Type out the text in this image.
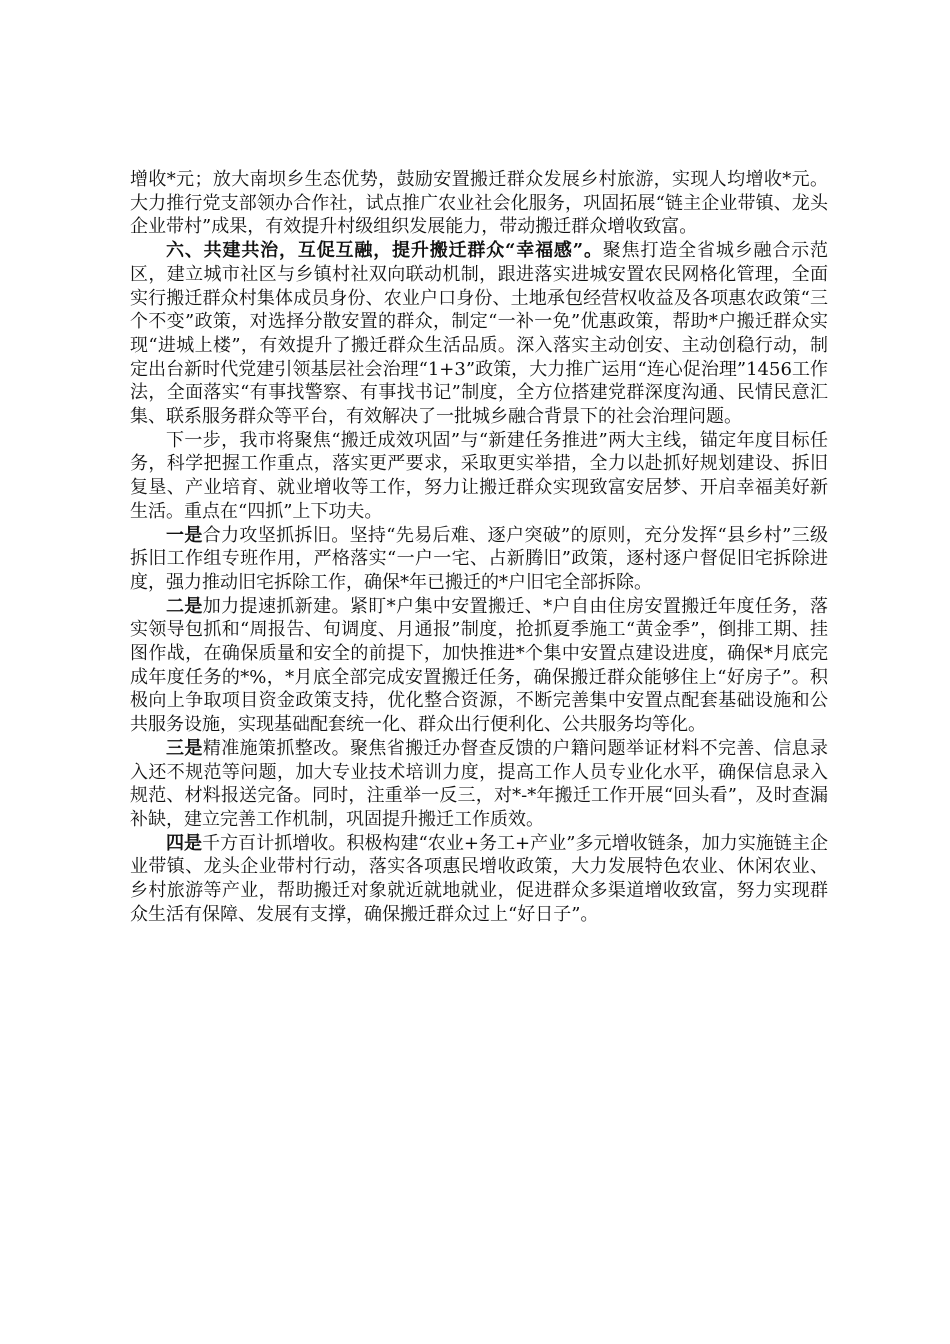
增收*元；放大南坝乡生态优势，鼓励安置搬迁群众发展乡村旅游，实现人均增收*元。大力推行党支部领办合作社，试点推广农业社会化服务，巩固拓展“链主企业带镇、龙头企业带村”成果，有效提升村级组织发展能力，带动搬迁群众增收致富。

六、共建共治，互促互融，提升搬迁群众“幸福感”。聚焦打造全省城乡融合示范区，建立城市社区与乡镇村社双向联动机制，跟进落实进城安置农民网格化管理，全面实行搬迁群众村集体成员身份、农业户口身份、土地承包经营权收益及各项惠农政策“三个不变”政策，对选择分散安置的群众，制定“一补一免”优惠政策，帮助*户搬迁群众实现“进城上楼”，有效提升了搬迁群众生活品质。深入落实主动创安、主动创稳行动，制定出台新时代党建引领基层社会治理“1+3”政策，大力推广运用“连心促治理”1456工作法，全面落实“有事找警察、有事找书记”制度，全方位搭建党群深度沟通、民情民意汇集、联系服务群众等平台，有效解决了一批城乡融合背景下的社会治理问题。

下一步，我市将聚焦“搬迁成效巩固”与“新建任务推进”两大主线，锚定年度目标任务，科学把握工作重点，落实更严要求，采取更实举措，全力以赴抓好规划建设、拆旧复垦、产业培育、就业增收等工作，努力让搬迁群众实现致富安居梦、开启幸福美好新生活。重点在“四抓”上下功夫。

一是合力攻坚抓拆旧。坚持“先易后难、逐户突破”的原则，充分发挥“县乡村”三级拆旧工作组专班作用，严格落实“一户一宅、占新腾旧”政策，逐村逐户督促旧宅拆除进度，强力推动旧宅拆除工作，确保*年已搬迁的*户旧宅全部拆除。

二是加力提速抓新建。紧盯*户集中安置搬迁、*户自由住房安置搬迁年度任务，落实领导包抓和“周报告、旬调度、月通报”制度，抢抓夏季施工“黄金季”，倒排工期、挂图作战，在确保质量和安全的前提下，加快推进*个集中安置点建设进度，确保*月底完成年度任务的*%，*月底全部完成安置搬迁任务，确保搬迁群众能够住上“好房子”。积极向上争取项目资金政策支持，优化整合资源，不断完善集中安置点配套基础设施和公共服务设施，实现基础配套统一化、群众出行便利化、公共服务均等化。

三是精准施策抓整改。聚焦省搬迁办督查反馈的户籍问题举证材料不完善、信息录入还不规范等问题，加大专业技术培训力度，提高工作人员专业化水平，确保信息录入规范、材料报送完备。同时，注重举一反三，对*-*年搬迁工作开展“回头看”，及时查漏补缺，建立完善工作机制，巩固提升搬迁工作质效。

四是千方百计抓增收。积极构建“农业+务工+产业”多元增收链条，加力实施链主企业带镇、龙头企业带村行动，落实各项惠民增收政策，大力发展特色农业、休闲农业、乡村旅游等产业，帮助搬迁对象就近就地就业，促进群众多渠道增收致富，努力实现群众生活有保障、发展有支撑，确保搬迁群众过上“好日子”。
